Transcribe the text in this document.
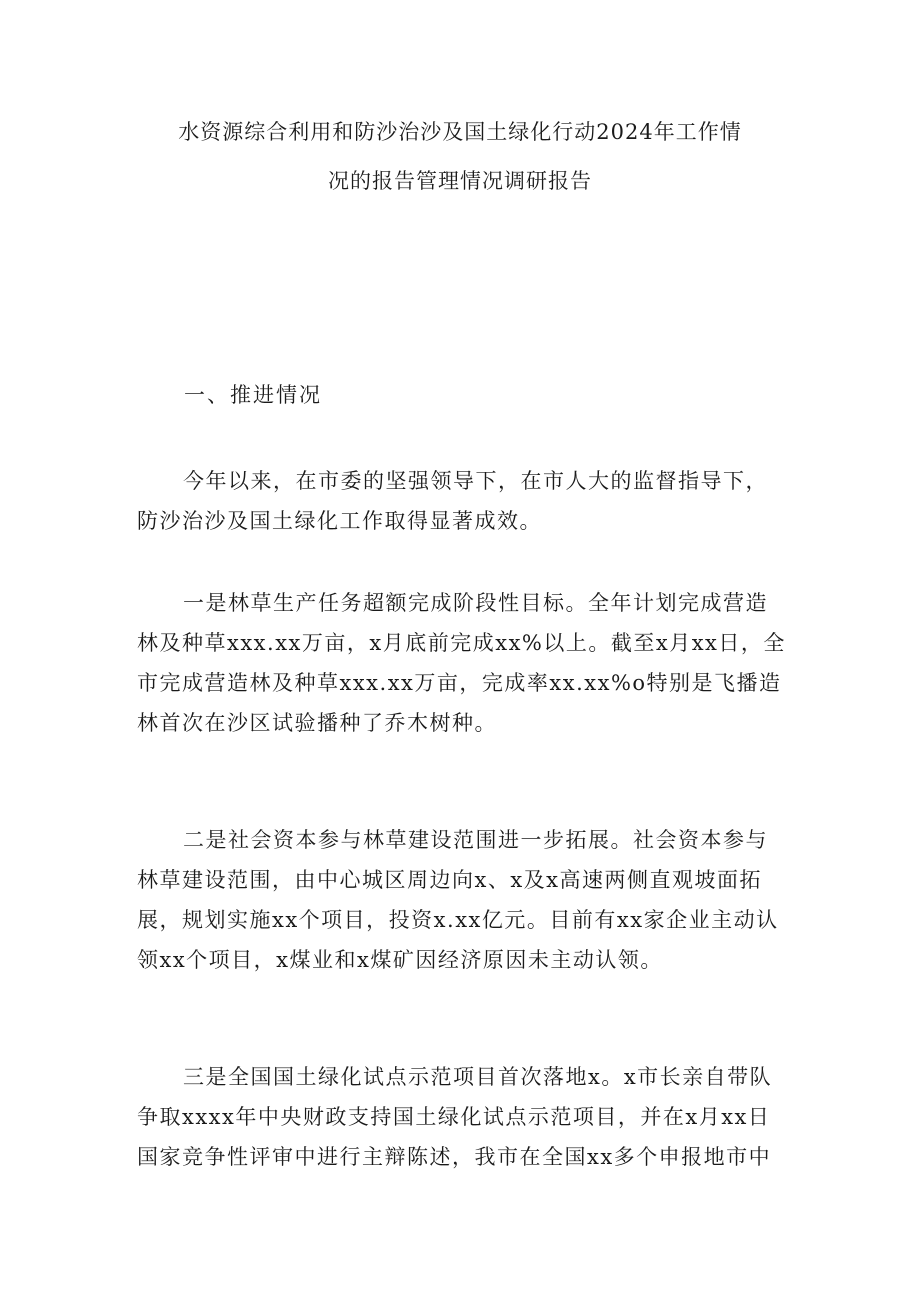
水资源综合利用和防沙治沙及国土绿化行动2024年工作情
况的报告管理情况调研报告
一、推进情况
今年以来，在市委的坚强领导下，在市人大的监督指导下，
防沙治沙及国土绿化工作取得显著成效。
一是林草生产任务超额完成阶段性目标。全年计划完成营造
林及种草xxx.xx万亩，x月底前完成xx%以上。截至x月xx日，全
市完成营造林及种草xxx.xx万亩，完成率xx.xx%o特别是飞播造
林首次在沙区试验播种了乔木树种。
二是社会资本参与林草建设范围进一步拓展。社会资本参与
林草建设范围，由中心城区周边向x、x及x高速两侧直观坡面拓
展，规划实施xx个项目，投资x.xx亿元。目前有xx家企业主动认
领xx个项目，x煤业和x煤矿因经济原因未主动认领。
三是全国国土绿化试点示范项目首次落地x。x市长亲自带队
争取xxxx年中央财政支持国土绿化试点示范项目，并在x月xx日
国家竞争性评审中进行主辩陈述，我市在全国xx多个申报地市中
